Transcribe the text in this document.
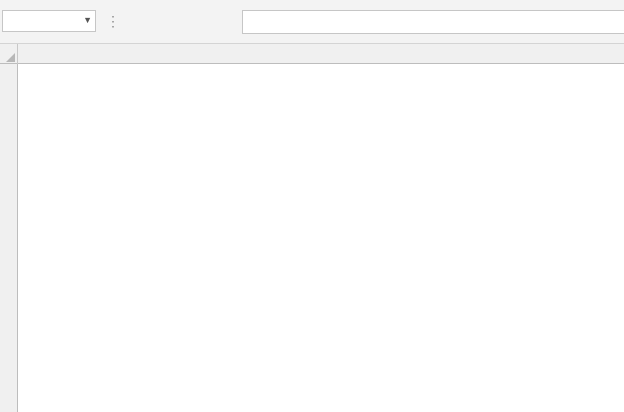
▼ ⋮
